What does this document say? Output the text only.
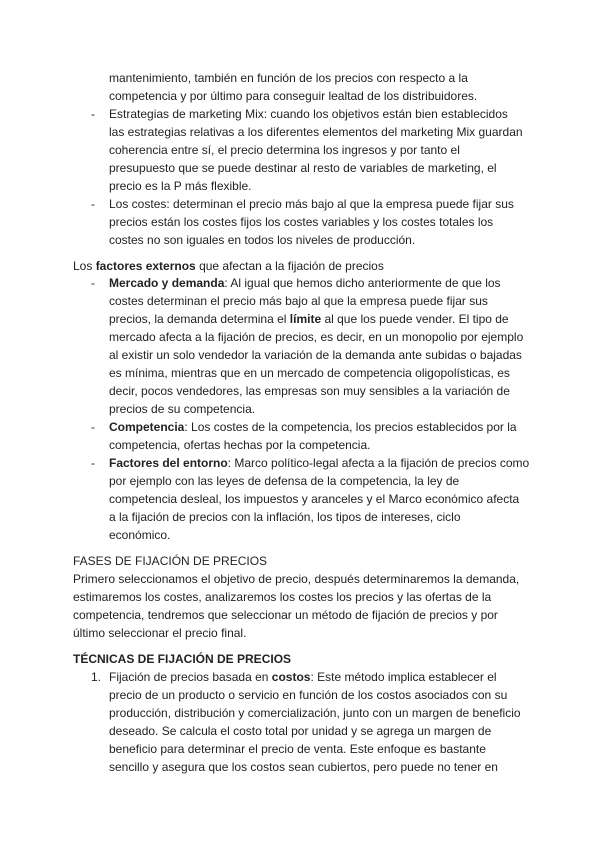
mantenimiento, también en función de los precios con respecto a la
competencia y por último para conseguir lealtad de los distribuidores.
- Estrategias de marketing Mix: cuando los objetivos están bien establecidos
las estrategias relativas a los diferentes elementos del marketing Mix guardan
coherencia entre sí, el precio determina los ingresos y por tanto el
presupuesto que se puede destinar al resto de variables de marketing, el
precio es la P más flexible.
- Los costes: determinan el precio más bajo al que la empresa puede fijar sus
precios están los costes fijos los costes variables y los costes totales los
costes no son iguales en todos los niveles de producción.
Los factores externos que afectan a la fijación de precios
- Mercado y demanda: Al igual que hemos dicho anteriormente de que los
costes determinan el precio más bajo al que la empresa puede fijar sus
precios, la demanda determina el límite al que los puede vender. El tipo de
mercado afecta a la fijación de precios, es decir, en un monopolio por ejemplo
al existir un solo vendedor la variación de la demanda ante subidas o bajadas
es mínima, mientras que en un mercado de competencia oligopolísticas, es
decir, pocos vendedores, las empresas son muy sensibles a la variación de
precios de su competencia.
- Competencia: Los costes de la competencia, los precios establecidos por la
competencia, ofertas hechas por la competencia.
- Factores del entorno: Marco político-legal afecta a la fijación de precios como
por ejemplo con las leyes de defensa de la competencia, la ley de
competencia desleal, los impuestos y aranceles y el Marco económico afecta
a la fijación de precios con la inflación, los tipos de intereses, ciclo
económico.
FASES DE FIJACIÓN DE PRECIOS
Primero seleccionamos el objetivo de precio, después determinaremos la demanda,
estimaremos los costes, analizaremos los costes los precios y las ofertas de la
competencia, tendremos que seleccionar un método de fijación de precios y por
último seleccionar el precio final.
TÉCNICAS DE FIJACIÓN DE PRECIOS
1. Fijación de precios basada en costos: Este método implica establecer el
precio de un producto o servicio en función de los costos asociados con su
producción, distribución y comercialización, junto con un margen de beneficio
deseado. Se calcula el costo total por unidad y se agrega un margen de
beneficio para determinar el precio de venta. Este enfoque es bastante
sencillo y asegura que los costos sean cubiertos, pero puede no tener en
